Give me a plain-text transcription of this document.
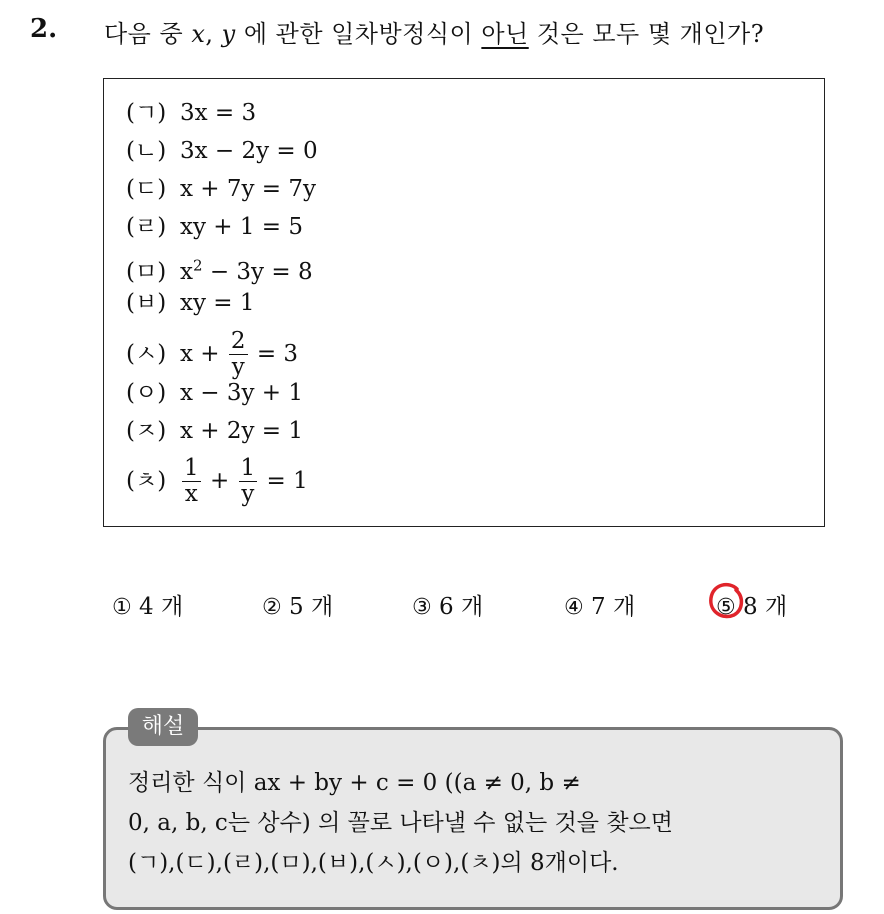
2. 다음 중 x, y 에 관한 일차방정식이 아닌 것은 모두 몇 개인가?
(ㄱ) 3x = 3
(ㄴ) 3x − 2y = 0
(ㄷ) x + 7y = 7y
(ㄹ) xy + 1 = 5
(ㅁ) $x^2 - 3y = 8$
(ㅂ) xy = 1
(ㅅ) $x + \frac{2}{y} = 3$
(ㅇ) x − 3y + 1
(ㅈ) x + 2y = 1
(ㅊ) $\frac{1}{x} + \frac{1}{y} = 1$
① 4 개	② 5 개	③ 6 개	④ 7 개	⑤ 8 개
해설
정리한 식이 ax + by + c = 0 ((a ≠ 0, b ≠
0, a, b, c는 상수) 의 꼴로 나타낼 수 없는 것을 찾으면
(ㄱ),(ㄷ),(ㄹ),(ㅁ),(ㅂ),(ㅅ),(ㅇ),(ㅊ)의 8개이다.
